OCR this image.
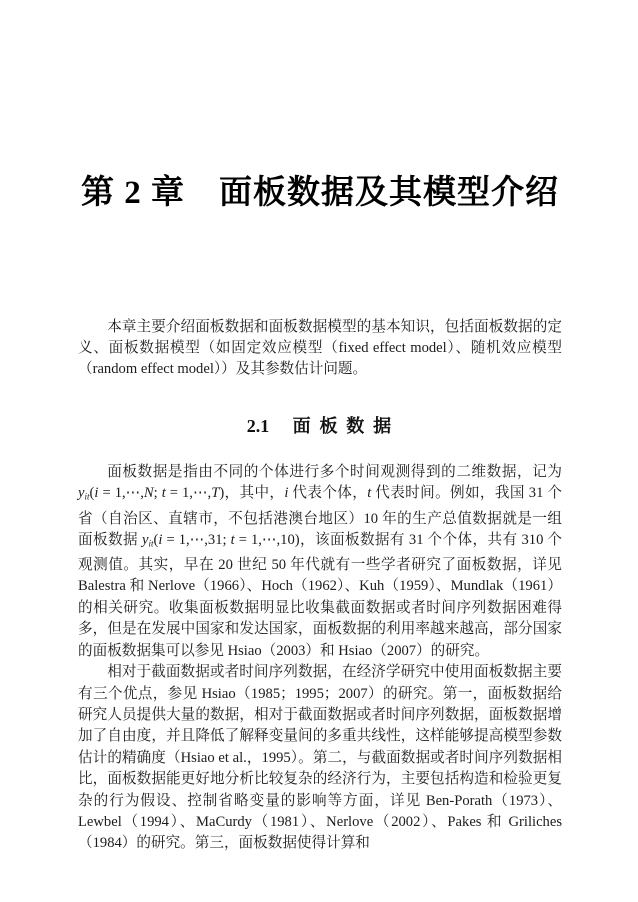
第 2 章　面板数据及其模型介绍

本章主要介绍面板数据和面板数据模型的基本知识，包括面板数据的定义、面板数据模型（如固定效应模型（fixed effect model）、随机效应模型（random effect model））及其参数估计问题。

2.1 面 板 数 据

面板数据是指由不同的个体进行多个时间观测得到的二维数据，记为 yit(i = 1,⋯,N; t = 1,⋯,T)，其中，i 代表个体，t 代表时间。例如，我国 31 个省（自治区、直辖市，不包括港澳台地区）10 年的生产总值数据就是一组面板数据 yit(i = 1,⋯,31; t = 1,⋯,10)，该面板数据有 31 个个体，共有 310 个观测值。其实，早在 20 世纪 50 年代就有一些学者研究了面板数据，详见 Balestra 和 Nerlove（1966）、Hoch（1962）、Kuh（1959）、Mundlak（1961）的相关研究。收集面板数据明显比收集截面数据或者时间序列数据困难得多，但是在发展中国家和发达国家，面板数据的利用率越来越高，部分国家的面板数据集可以参见 Hsiao（2003）和 Hsiao（2007）的研究。

相对于截面数据或者时间序列数据，在经济学研究中使用面板数据主要有三个优点，参见 Hsiao（1985；1995；2007）的研究。第一，面板数据给研究人员提供大量的数据，相对于截面数据或者时间序列数据，面板数据增加了自由度，并且降低了解释变量间的多重共线性，这样能够提高模型参数估计的精确度（Hsiao et al.，1995）。第二，与截面数据或者时间序列数据相比，面板数据能更好地分析比较复杂的经济行为，主要包括构造和检验更复杂的行为假设、控制省略变量的影响等方面，详见 Ben-Porath（1973）、Lewbel（1994）、MaCurdy（1981）、Nerlove（2002）、Pakes 和 Griliches（1984）的研究。第三，面板数据使得计算和
